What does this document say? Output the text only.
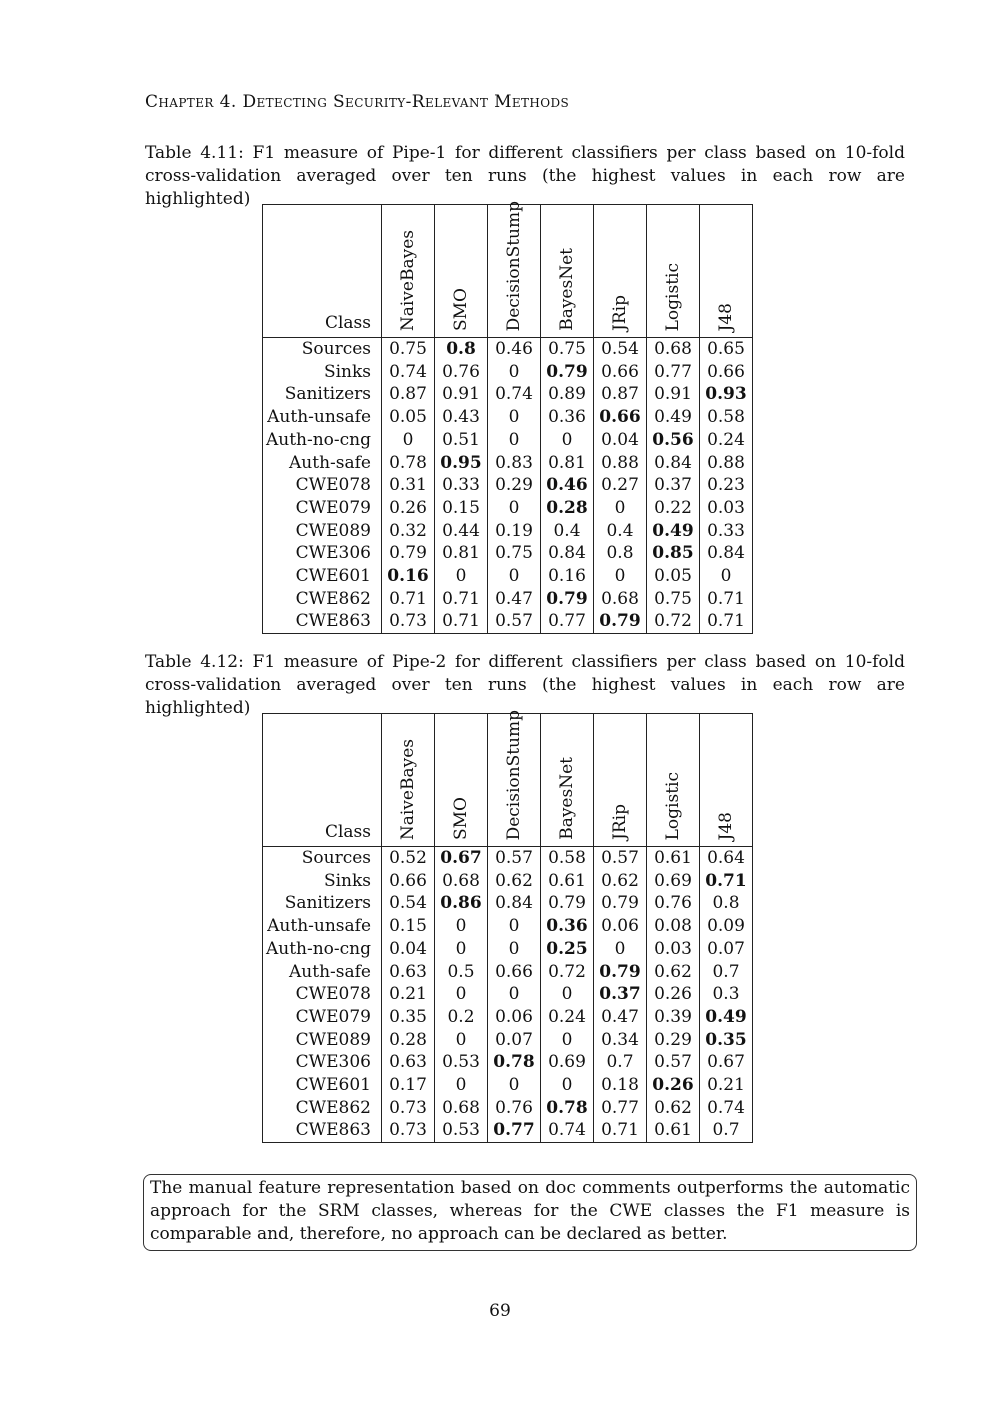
Chapter 4. Detecting Security-Relevant Methods
Table 4.11: F1 measure of Pipe-1 for different classifiers per class based on 10-fold cross-validation averaged over ten runs (the highest values in each row are highlighted)
Class	NaiveBayes	SMO	DecisionStump	BayesNet	JRip	Logistic	J48

Sources	0.75	0.8	0.46	0.75	0.54	0.68	0.65
Sinks	0.74	0.76	0	0.79	0.66	0.77	0.66
Sanitizers	0.87	0.91	0.74	0.89	0.87	0.91	0.93
Auth-unsafe	0.05	0.43	0	0.36	0.66	0.49	0.58
Auth-no-cng	0	0.51	0	0	0.04	0.56	0.24
Auth-safe	0.78	0.95	0.83	0.81	0.88	0.84	0.88
CWE078	0.31	0.33	0.29	0.46	0.27	0.37	0.23
CWE079	0.26	0.15	0	0.28	0	0.22	0.03
CWE089	0.32	0.44	0.19	0.4	0.4	0.49	0.33
CWE306	0.79	0.81	0.75	0.84	0.8	0.85	0.84
CWE601	0.16	0	0	0.16	0	0.05	0
CWE862	0.71	0.71	0.47	0.79	0.68	0.75	0.71
CWE863	0.73	0.71	0.57	0.77	0.79	0.72	0.71
Table 4.12: F1 measure of Pipe-2 for different classifiers per class based on 10-fold cross-validation averaged over ten runs (the highest values in each row are highlighted)
Class	NaiveBayes	SMO	DecisionStump	BayesNet	JRip	Logistic	J48

Sources	0.52	0.67	0.57	0.58	0.57	0.61	0.64
Sinks	0.66	0.68	0.62	0.61	0.62	0.69	0.71
Sanitizers	0.54	0.86	0.84	0.79	0.79	0.76	0.8
Auth-unsafe	0.15	0	0	0.36	0.06	0.08	0.09
Auth-no-cng	0.04	0	0	0.25	0	0.03	0.07
Auth-safe	0.63	0.5	0.66	0.72	0.79	0.62	0.7
CWE078	0.21	0	0	0	0.37	0.26	0.3
CWE079	0.35	0.2	0.06	0.24	0.47	0.39	0.49
CWE089	0.28	0	0.07	0	0.34	0.29	0.35
CWE306	0.63	0.53	0.78	0.69	0.7	0.57	0.67
CWE601	0.17	0	0	0	0.18	0.26	0.21
CWE862	0.73	0.68	0.76	0.78	0.77	0.62	0.74
CWE863	0.73	0.53	0.77	0.74	0.71	0.61	0.7
The manual feature representation based on doc comments outperforms the automatic approach for the SRM classes, whereas for the CWE classes the F1 measure is comparable and, therefore, no approach can be declared as better.
69
